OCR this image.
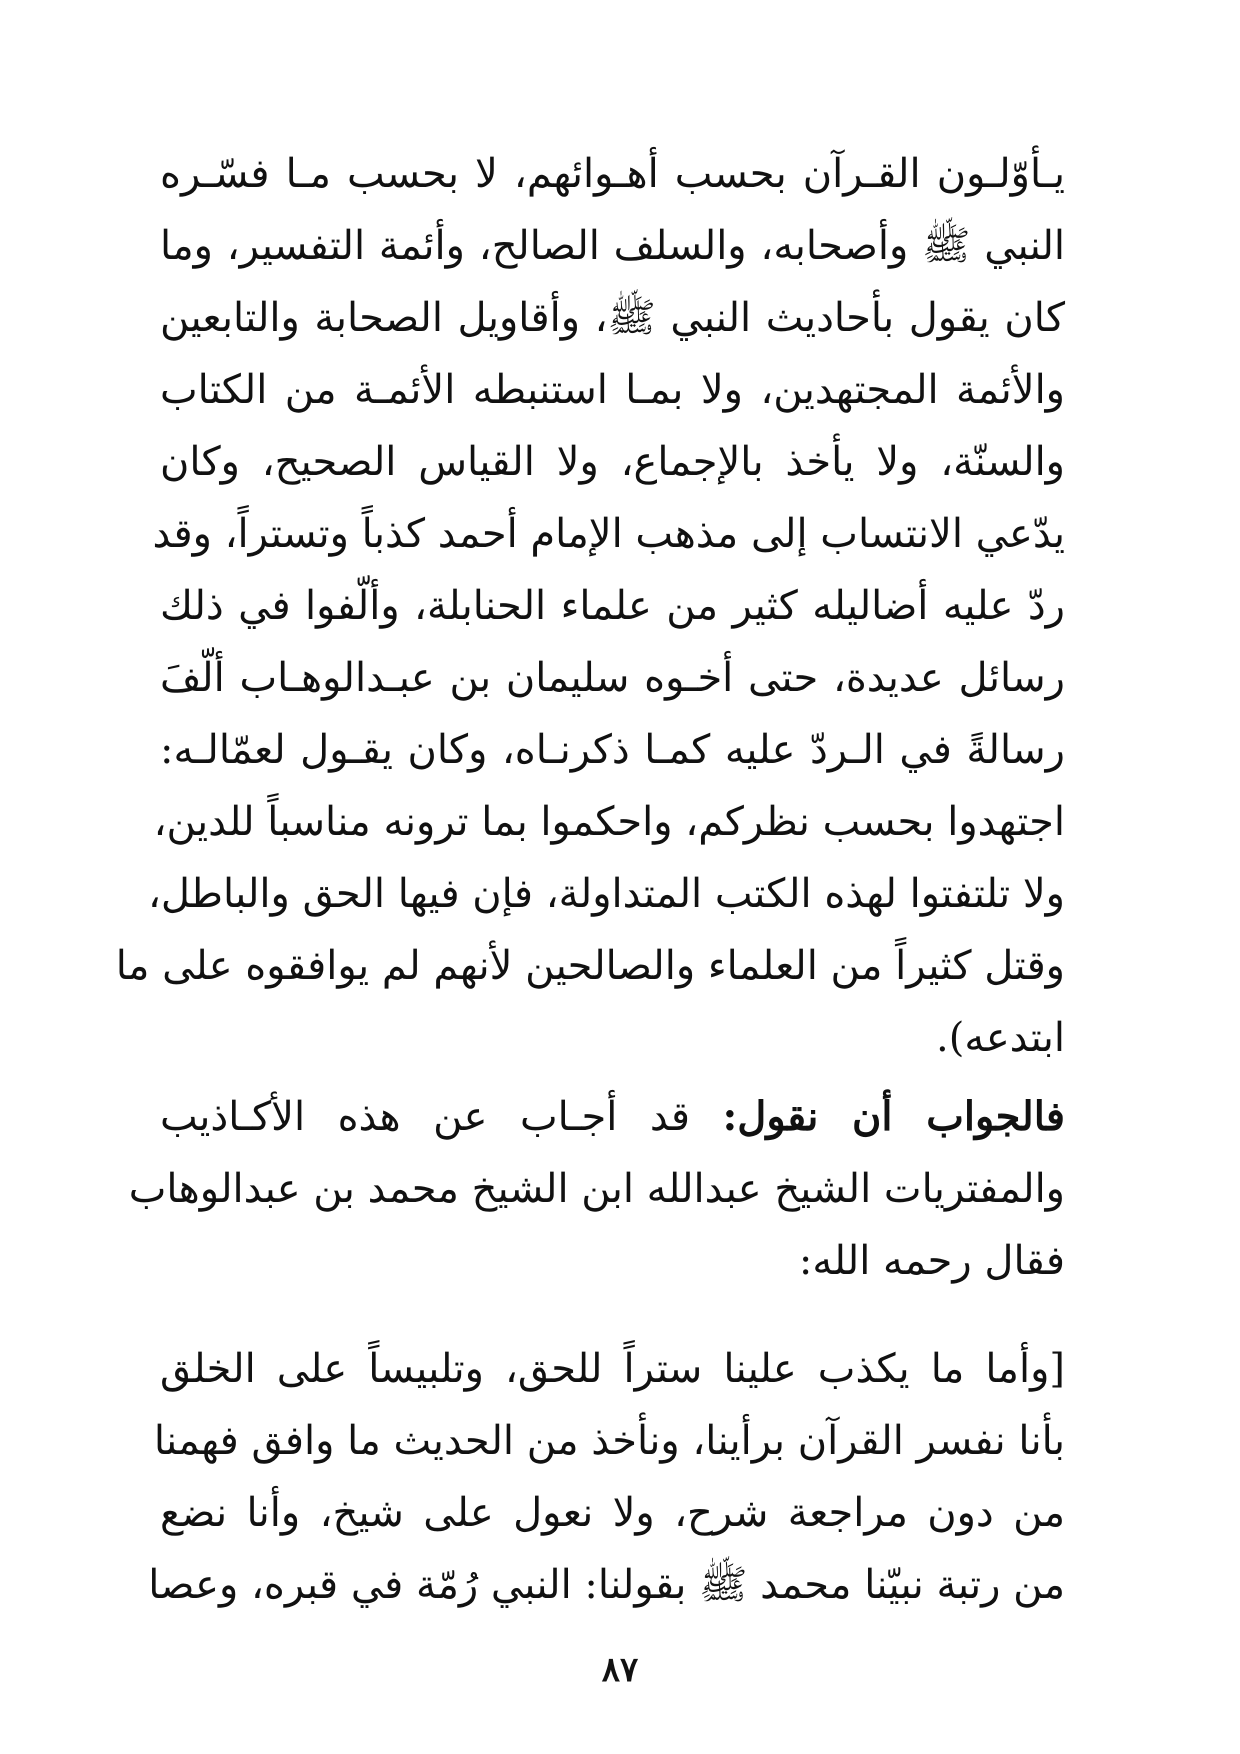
يـأوّلـون القـرآن بحسب أهـوائهم، لا بحسب مـا فسّـره
النبي ﷺ وأصحابه، والسلف الصالح، وأئمة التفسير، وما
كان يقول بأحاديث النبي ﷺ، وأقاويل الصحابة والتابعين
والأئمة المجتهدين، ولا بمـا استنبطه الأئمـة من الكتاب
والسنّة، ولا يأخذ بالإجماع، ولا القياس الصحيح، وكان
يدّعي الانتساب إلى مذهب الإمام أحمد كذباً وتستراً، وقد
ردّ عليه أضاليله كثير من علماء الحنابلة، وألّفوا في ذلك
رسائل عديدة، حتى أخـوه سليمان بن عبـدالوهـاب ألّفَ
رسالةً في الـردّ عليه كمـا ذكرنـاه، وكان يقـول لعمّالـه:
اجتهدوا بحسب نظركم، واحكموا بما ترونه مناسباً للدين،
ولا تلتفتوا لهذه الكتب المتداولة، فإن فيها الحق والباطل،
وقتل كثيراً من العلماء والصالحين لأنهم لم يوافقوه على ما
ابتدعه).
فالجواب أن نقول: قد أجـاب عن هذه الأكـاذيب
والمفتريات الشيخ عبدالله ابن الشيخ محمد بن عبدالوهاب
فقال رحمه الله:
[وأما ما يكذب علينا ستراً للحق، وتلبيساً على الخلق
بأنا نفسر القرآن برأينا، ونأخذ من الحديث ما وافق فهمنا
من دون مراجعة شرح، ولا نعول على شيخ، وأنا نضع
من رتبة نبيّنا محمد ﷺ بقولنا: النبي رُمّة في قبره، وعصا
٨٧
